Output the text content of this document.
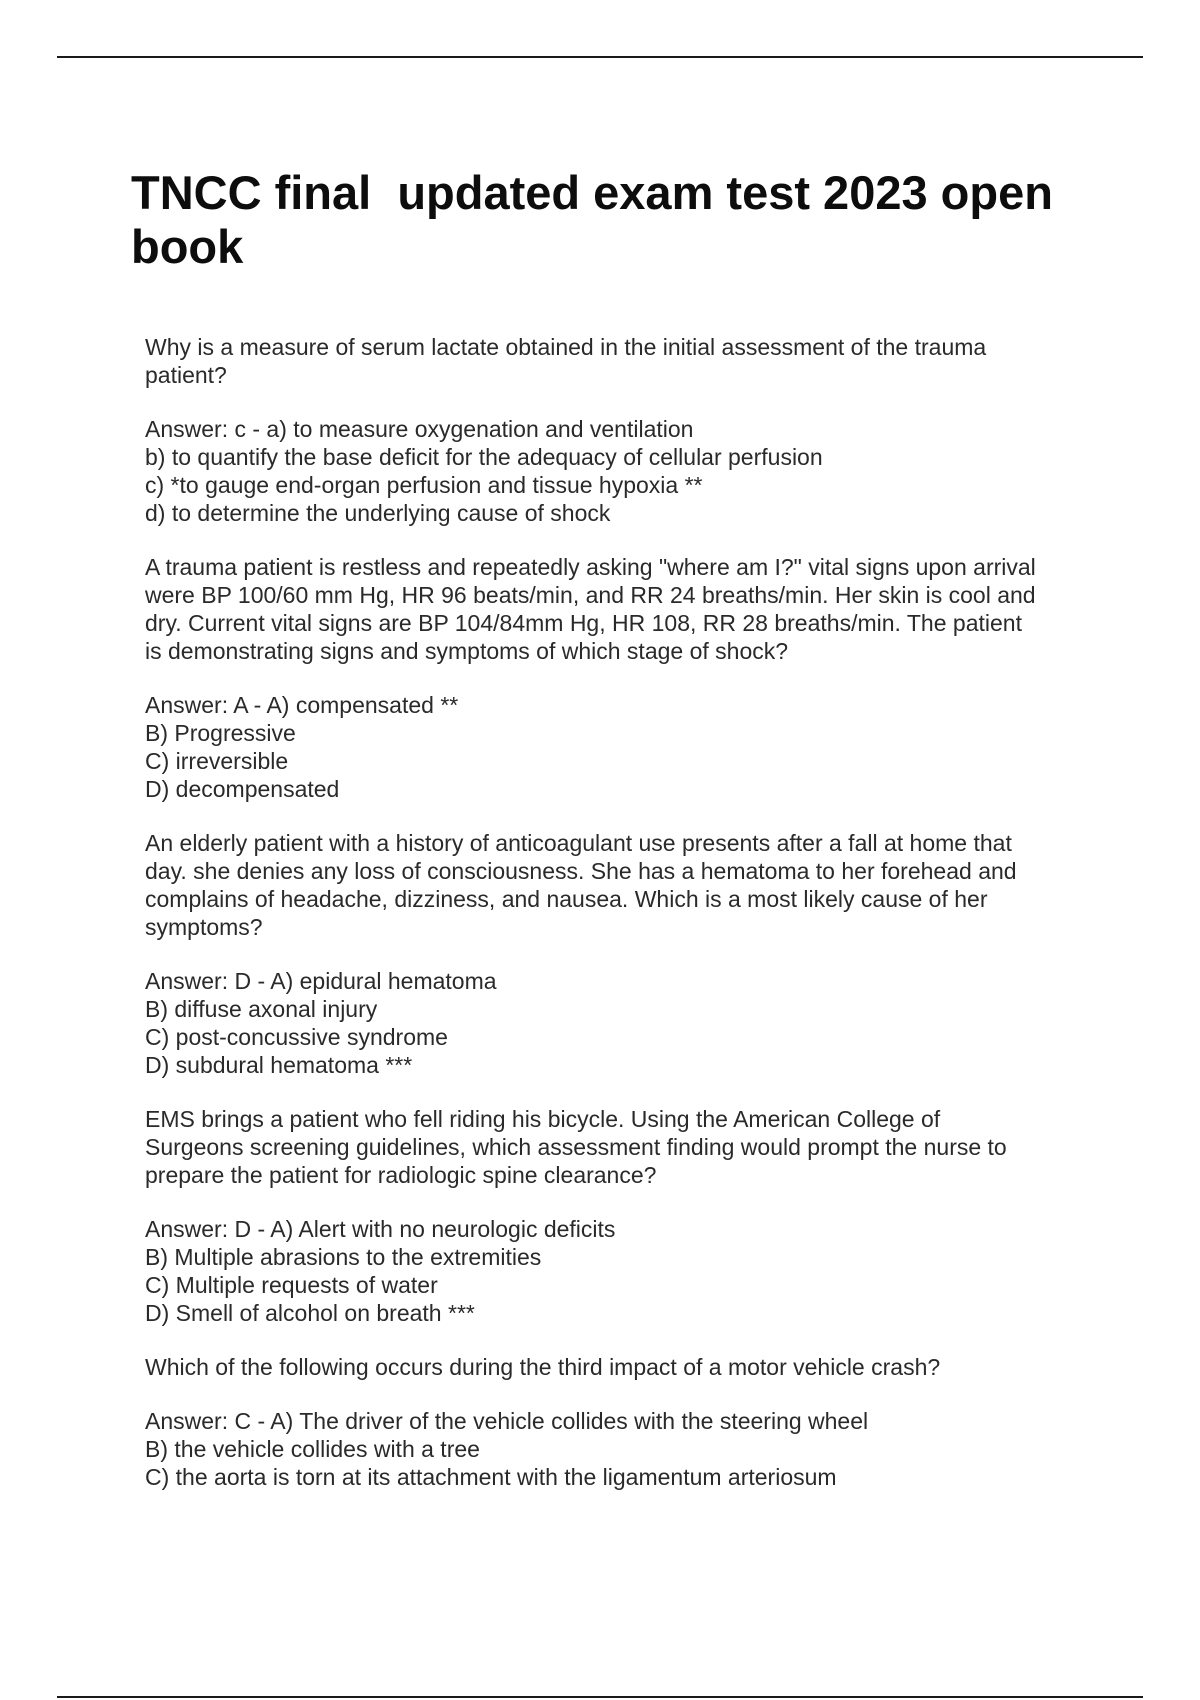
TNCC final  updated exam test 2023 open book

Why is a measure of serum lactate obtained in the initial assessment of the trauma
patient?

Answer: c - a) to measure oxygenation and ventilation
b) to quantify the base deficit for the adequacy of cellular perfusion
c) *to gauge end-organ perfusion and tissue hypoxia **
d) to determine the underlying cause of shock

A trauma patient is restless and repeatedly asking "where am I?" vital signs upon arrival
were BP 100/60 mm Hg, HR 96 beats/min, and RR 24 breaths/min. Her skin is cool and
dry. Current vital signs are BP 104/84mm Hg, HR 108, RR 28 breaths/min. The patient
is demonstrating signs and symptoms of which stage of shock?

Answer: A - A) compensated **
B) Progressive
C) irreversible
D) decompensated

An elderly patient with a history of anticoagulant use presents after a fall at home that
day. she denies any loss of consciousness. She has a hematoma to her forehead and
complains of headache, dizziness, and nausea. Which is a most likely cause of her
symptoms?

Answer: D - A) epidural hematoma
B) diffuse axonal injury
C) post-concussive syndrome
D) subdural hematoma ***

EMS brings a patient who fell riding his bicycle. Using the American College of
Surgeons screening guidelines, which assessment finding would prompt the nurse to
prepare the patient for radiologic spine clearance?

Answer: D - A) Alert with no neurologic deficits
B) Multiple abrasions to the extremities
C) Multiple requests of water
D) Smell of alcohol on breath ***

Which of the following occurs during the third impact of a motor vehicle crash?

Answer: C - A) The driver of the vehicle collides with the steering wheel
B) the vehicle collides with a tree
C) the aorta is torn at its attachment with the ligamentum arteriosum
